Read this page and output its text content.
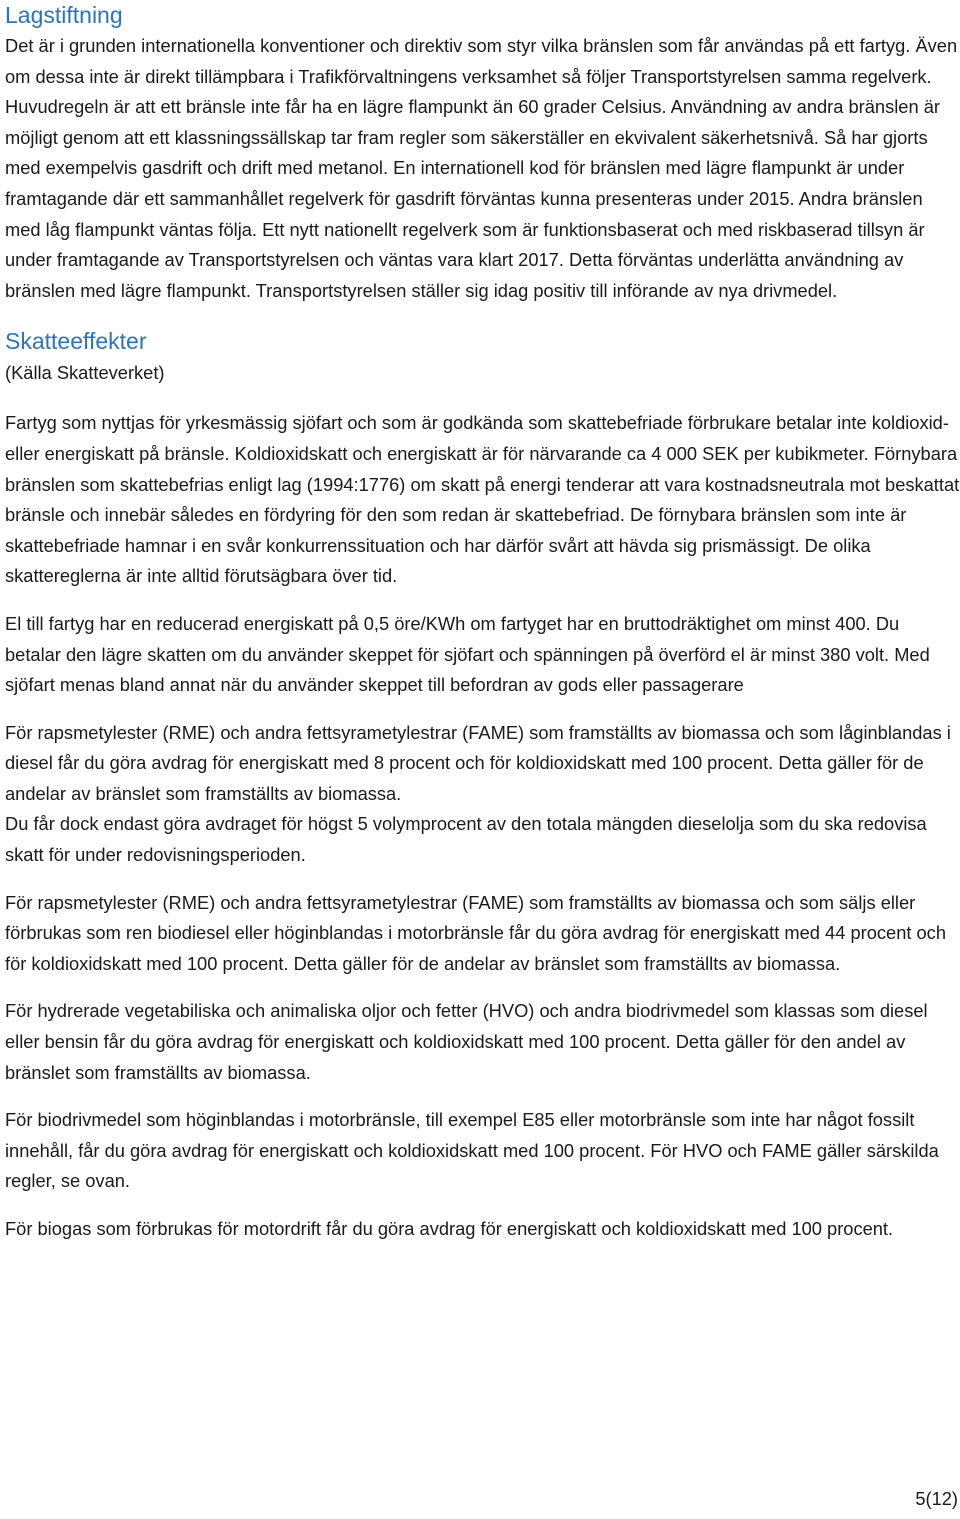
Lagstiftning

Det är i grunden internationella konventioner och direktiv som styr vilka bränslen som får användas på ett fartyg. Även om dessa inte är direkt tillämpbara i Trafikförvaltningens verksamhet så följer Transportstyrelsen samma regelverk. Huvudregeln är att ett bränsle inte får ha en lägre flampunkt än 60 grader Celsius. Användning av andra bränslen är möjligt genom att ett klassningssällskap tar fram regler som säkerställer en ekvivalent säkerhetsnivå. Så har gjorts med exempelvis gasdrift och drift med metanol. En internationell kod för bränslen med lägre flampunkt är under framtagande där ett sammanhållet regelverk för gasdrift förväntas kunna presenteras under 2015. Andra bränslen med låg flampunkt väntas följa. Ett nytt nationellt regelverk som är funktionsbaserat och med riskbaserad tillsyn är under framtagande av Transportstyrelsen och väntas vara klart 2017. Detta förväntas underlätta användning av bränslen med lägre flampunkt. Transportstyrelsen ställer sig idag positiv till införande av nya drivmedel.

Skatteeffekter

(Källa Skatteverket)

Fartyg som nyttjas för yrkesmässig sjöfart och som är godkända som skattebefriade förbrukare betalar inte koldioxid- eller energiskatt på bränsle. Koldioxidskatt och energiskatt är för närvarande ca 4 000 SEK per kubikmeter. Förnybara bränslen som skattebefrias enligt lag (1994:1776) om skatt på energi tenderar att vara kostnadsneutrala mot beskattat bränsle och innebär således en fördyring för den som redan är skattebefriad. De förnybara bränslen som inte är skattebefriade hamnar i en svår konkurrenssituation och har därför svårt att hävda sig prismässigt. De olika skattereglerna är inte alltid förutsägbara över tid.

El till fartyg har en reducerad energiskatt på 0,5 öre/KWh om fartyget har en bruttodräktighet om minst 400. Du betalar den lägre skatten om du använder skeppet för sjöfart och spänningen på överförd el är minst 380 volt. Med sjöfart menas bland annat när du använder skeppet till befordran av gods eller passagerare

För rapsmetylester (RME) och andra fettsyrametylestrar (FAME) som framställts av biomassa och som låginblandas i diesel får du göra avdrag för energiskatt med 8 procent och för koldioxidskatt med 100 procent. Detta gäller för de andelar av bränslet som framställts av biomassa.

Du får dock endast göra avdraget för högst 5 volymprocent av den totala mängden dieselolja som du ska redovisa skatt för under redovisningsperioden.

För rapsmetylester (RME) och andra fettsyrametylestrar (FAME) som framställts av biomassa och som säljs eller förbrukas som ren biodiesel eller höginblandas i motorbränsle får du göra avdrag för energiskatt med 44 procent och för koldioxidskatt med 100 procent. Detta gäller för de andelar av bränslet som framställts av biomassa.

För hydrerade vegetabiliska och animaliska oljor och fetter (HVO) och andra biodrivmedel som klassas som diesel eller bensin får du göra avdrag för energiskatt och koldioxidskatt med 100 procent. Detta gäller för den andel av bränslet som framställts av biomassa.

För biodrivmedel som höginblandas i motorbränsle, till exempel E85 eller motorbränsle som inte har något fossilt innehåll, får du göra avdrag för energiskatt och koldioxidskatt med 100 procent. För HVO och FAME gäller särskilda regler, se ovan.

För biogas som förbrukas för motordrift får du göra avdrag för energiskatt och koldioxidskatt med 100 procent.

5(12)
